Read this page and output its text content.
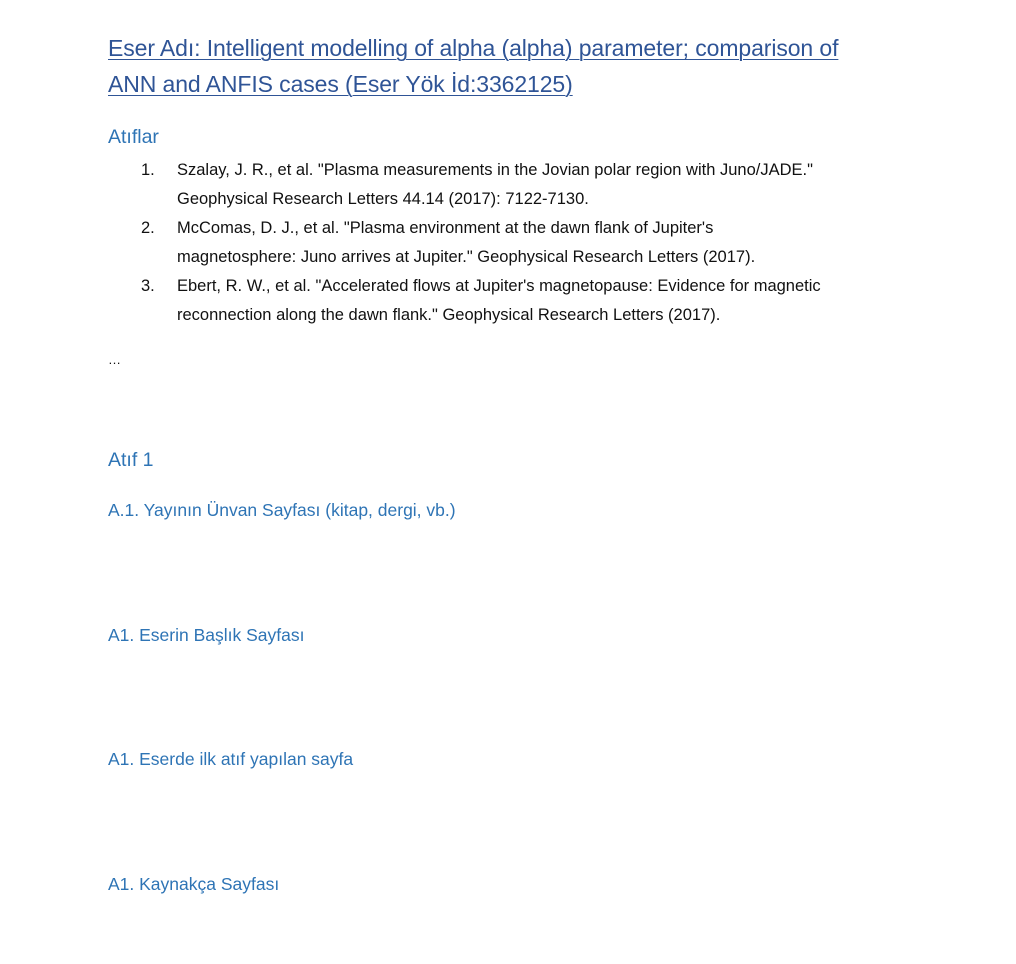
Eser Adı: Intelligent modelling of alpha (alpha) parameter; comparison of
ANN and ANFIS cases (Eser Yök İd:3362125)
Atıflar
1. Szalay, J. R., et al. "Plasma measurements in the Jovian polar region with Juno/JADE."
Geophysical Research Letters 44.14 (2017): 7122-7130.
2. McComas, D. J., et al. "Plasma environment at the dawn flank of Jupiter's
magnetosphere: Juno arrives at Jupiter." Geophysical Research Letters (2017).
3. Ebert, R. W., et al. "Accelerated flows at Jupiter's magnetopause: Evidence for magnetic
reconnection along the dawn flank." Geophysical Research Letters (2017).
…
Atıf 1
A.1. Yayının Ünvan Sayfası (kitap, dergi, vb.)
A1. Eserin Başlık Sayfası
A1. Eserde ilk atıf yapılan sayfa
A1. Kaynakça Sayfası
